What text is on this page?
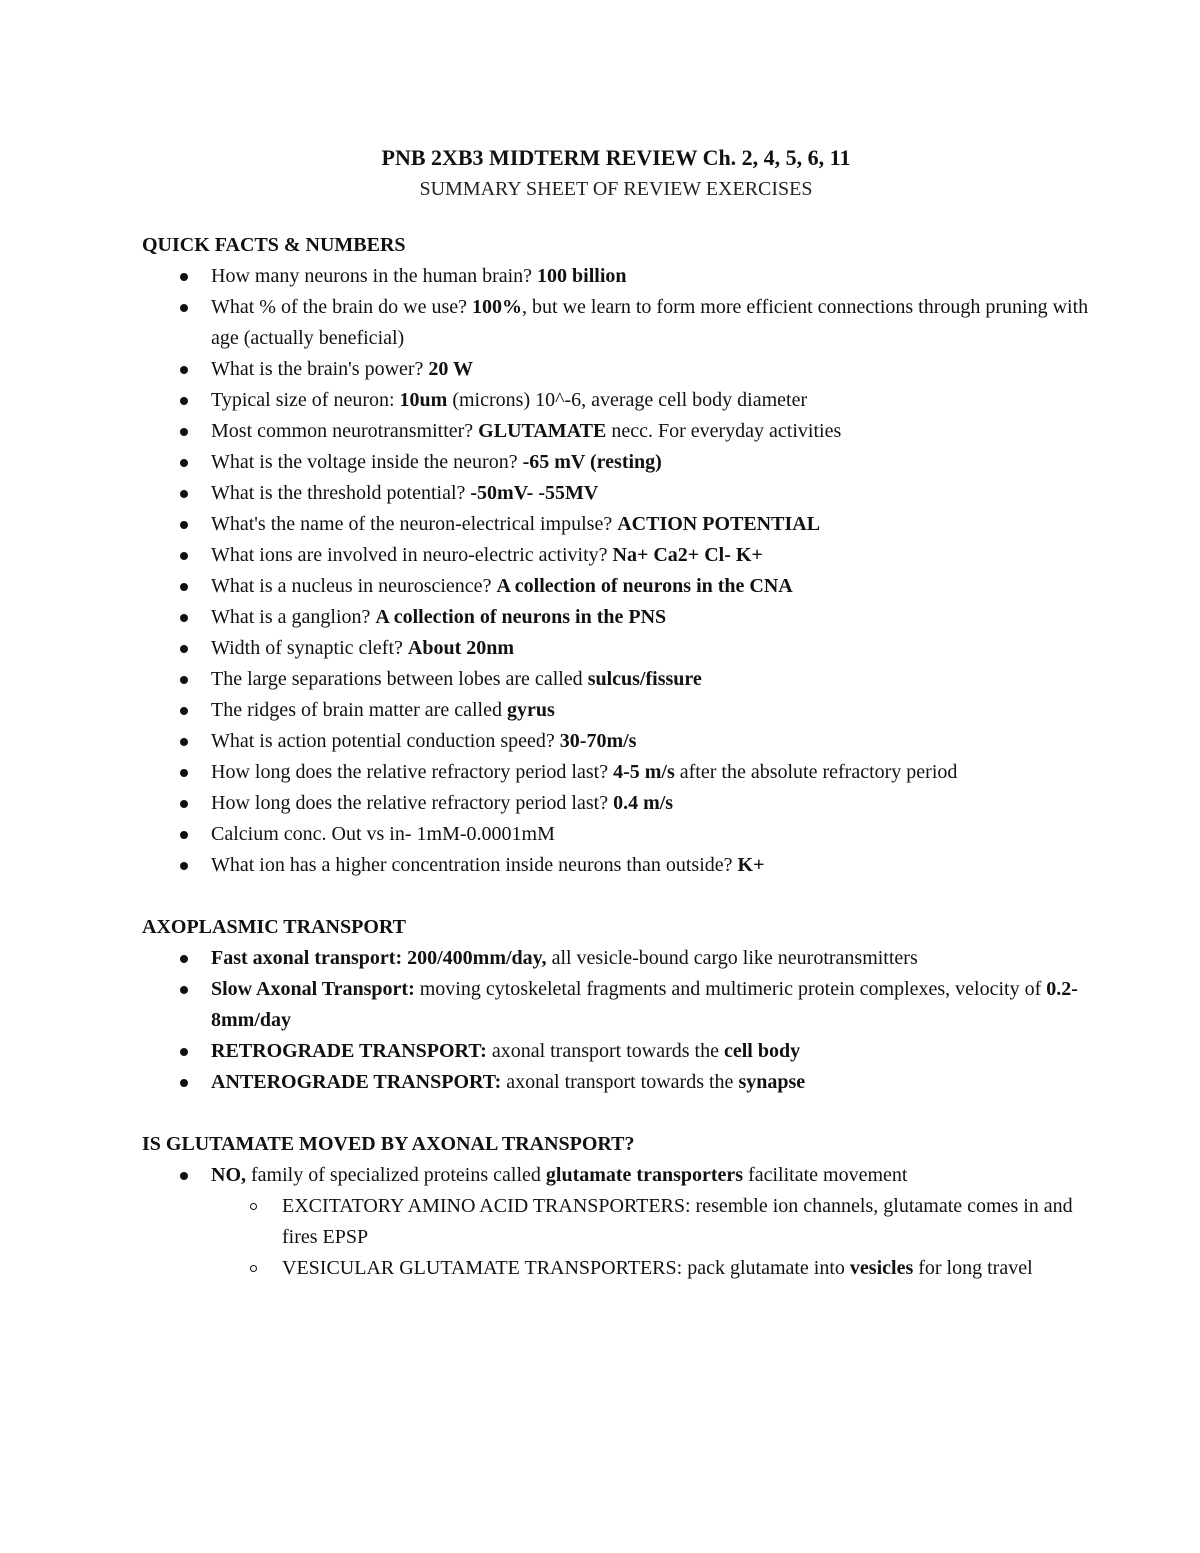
PNB 2XB3 MIDTERM REVIEW Ch. 2, 4, 5, 6, 11

SUMMARY SHEET OF REVIEW EXERCISES

QUICK FACTS & NUMBERS
How many neurons in the human brain? 100 billion
What % of the brain do we use? 100%, but we learn to form more efficient connections through pruning with age (actually beneficial)
What is the brain's power? 20 W
Typical size of neuron: 10um (microns) 10^-6, average cell body diameter
Most common neurotransmitter? GLUTAMATE necc. For everyday activities
What is the voltage inside the neuron? -65 mV (resting)
What is the threshold potential? -50mV- -55MV
What's the name of the neuron-electrical impulse? ACTION POTENTIAL
What ions are involved in neuro-electric activity? Na+ Ca2+ Cl- K+
What is a nucleus in neuroscience? A collection of neurons in the CNA
What is a ganglion? A collection of neurons in the PNS
Width of synaptic cleft? About 20nm
The large separations between lobes are called sulcus/fissure
The ridges of brain matter are called gyrus
What is action potential conduction speed? 30-70m/s
How long does the relative refractory period last? 4-5 m/s after the absolute refractory period
How long does the relative refractory period last? 0.4 m/s
Calcium conc. Out vs in- 1mM-0.0001mM
What ion has a higher concentration inside neurons than outside? K+
AXOPLASMIC TRANSPORT
Fast axonal transport: 200/400mm/day, all vesicle-bound cargo like neurotransmitters
Slow Axonal Transport: moving cytoskeletal fragments and multimeric protein complexes, velocity of 0.2-8mm/day
RETROGRADE TRANSPORT: axonal transport towards the cell body
ANTEROGRADE TRANSPORT: axonal transport towards the synapse
IS GLUTAMATE MOVED BY AXONAL TRANSPORT?
NO, family of specialized proteins called glutamate transporters facilitate movement
EXCITATORY AMINO ACID TRANSPORTERS: resemble ion channels, glutamate comes in and fires EPSP
VESICULAR GLUTAMATE TRANSPORTERS: pack glutamate into vesicles for long travel
